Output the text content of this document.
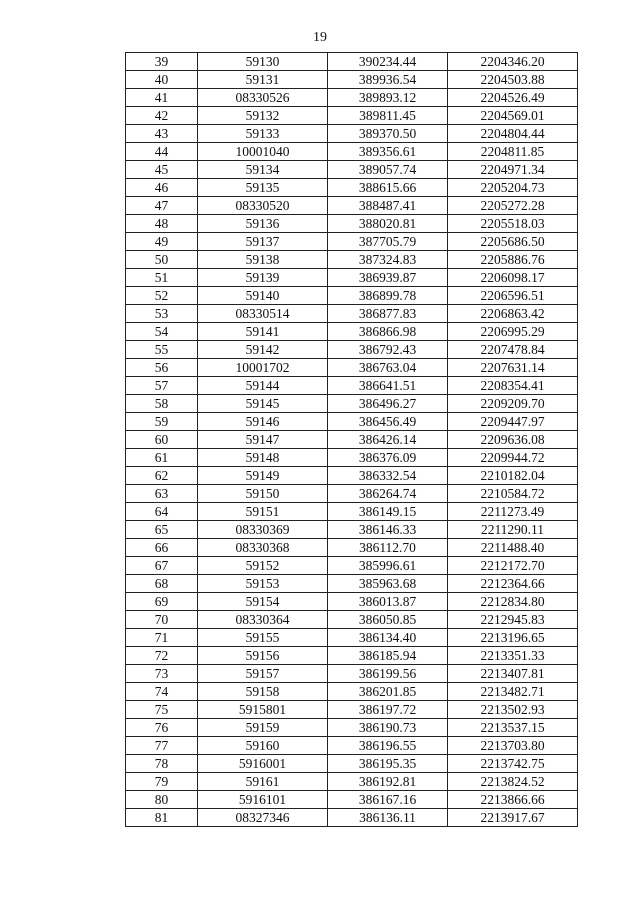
19
39	59130	390234.44	2204346.20
40	59131	389936.54	2204503.88
41	08330526	389893.12	2204526.49
42	59132	389811.45	2204569.01
43	59133	389370.50	2204804.44
44	10001040	389356.61	2204811.85
45	59134	389057.74	2204971.34
46	59135	388615.66	2205204.73
47	08330520	388487.41	2205272.28
48	59136	388020.81	2205518.03
49	59137	387705.79	2205686.50
50	59138	387324.83	2205886.76
51	59139	386939.87	2206098.17
52	59140	386899.78	2206596.51
53	08330514	386877.83	2206863.42
54	59141	386866.98	2206995.29
55	59142	386792.43	2207478.84
56	10001702	386763.04	2207631.14
57	59144	386641.51	2208354.41
58	59145	386496.27	2209209.70
59	59146	386456.49	2209447.97
60	59147	386426.14	2209636.08
61	59148	386376.09	2209944.72
62	59149	386332.54	2210182.04
63	59150	386264.74	2210584.72
64	59151	386149.15	2211273.49
65	08330369	386146.33	2211290.11
66	08330368	386112.70	2211488.40
67	59152	385996.61	2212172.70
68	59153	385963.68	2212364.66
69	59154	386013.87	2212834.80
70	08330364	386050.85	2212945.83
71	59155	386134.40	2213196.65
72	59156	386185.94	2213351.33
73	59157	386199.56	2213407.81
74	59158	386201.85	2213482.71
75	5915801	386197.72	2213502.93
76	59159	386190.73	2213537.15
77	59160	386196.55	2213703.80
78	5916001	386195.35	2213742.75
79	59161	386192.81	2213824.52
80	5916101	386167.16	2213866.66
81	08327346	386136.11	2213917.67
